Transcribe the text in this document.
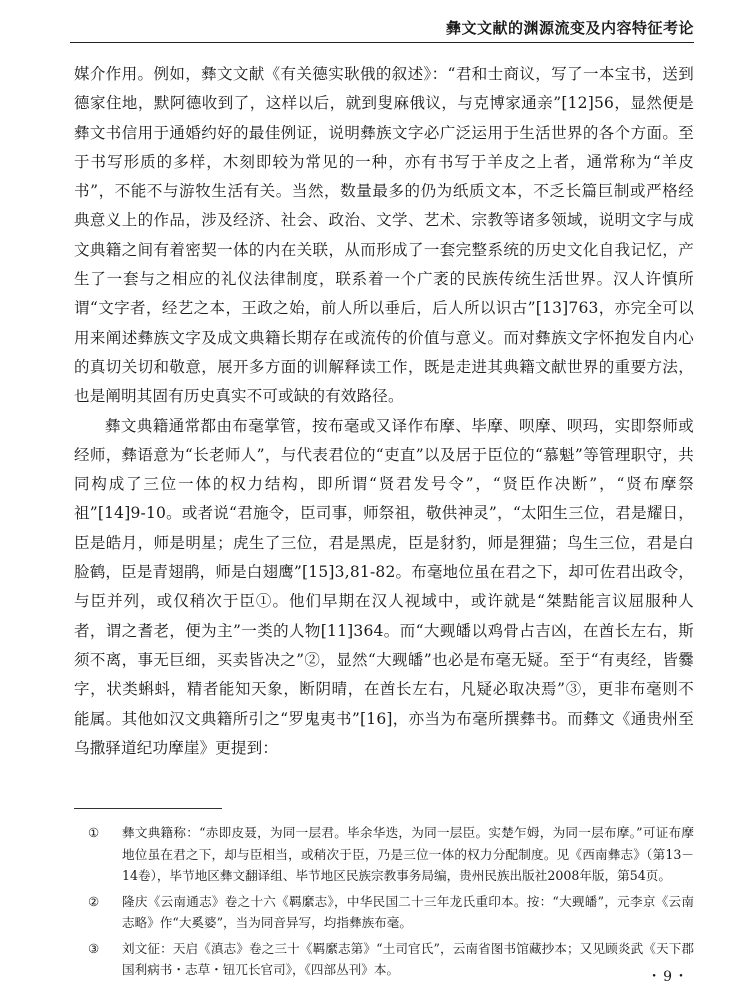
彝文文献的渊源流变及内容特征考论

媒介作用。例如，彝文文献《有关德实耿俄的叙述》：“君和士商议，写了一本宝书，送到德家住地，默阿德收到了，这样以后，就到叟麻俄议，与克博家通亲”[12]56，显然便是彝文书信用于通婚约好的最佳例证，说明彝族文字必广泛运用于生活世界的各个方面。至于书写形质的多样，木刻即较为常见的一种，亦有书写于羊皮之上者，通常称为“羊皮书”，不能不与游牧生活有关。当然，数量最多的仍为纸质文本，不乏长篇巨制或严格经典意义上的作品，涉及经济、社会、政治、文学、艺术、宗教等诸多领域，说明文字与成文典籍之间有着密契一体的内在关联，从而形成了一套完整系统的历史文化自我记忆，产生了一套与之相应的礼仪法律制度，联系着一个广袤的民族传统生活世界。汉人许慎所谓“文字者，经艺之本，王政之始，前人所以垂后，后人所以识古”[13]763，亦完全可以用来阐述彝族文字及成文典籍长期存在或流传的价值与意义。而对彝族文字怀抱发自内心的真切关切和敬意，展开多方面的训解释读工作，既是走进其典籍文献世界的重要方法，也是阐明其固有历史真实不可或缺的有效路径。

彝文典籍通常都由布毫掌管，按布毫或又译作布摩、毕摩、呗摩、呗玛，实即祭师或经师，彝语意为“长老师人”，与代表君位的“吏直”以及居于臣位的“慕魁”等管理职守，共同构成了三位一体的权力结构，即所谓“贤君发号令”，“贤臣作决断”，“贤布摩祭祖”[14]9-10。或者说“君施令，臣司事，师祭祖，敬供神灵”，“太阳生三位，君是耀日，臣是皓月，师是明星；虎生了三位，君是黑虎，臣是豺豹，师是狸猫；鸟生三位，君是白脸鹤，臣是青翅鹃，师是白翅鹰”[15]3,81-82。布毫地位虽在君之下，却可佐君出政令，与臣并列，或仅稍次于臣①。他们早期在汉人视域中，或许就是“桀黠能言议屈服种人者，谓之耆老，便为主”一类的人物[11]364。而“大觋皤以鸡骨占吉凶，在酋长左右，斯须不离，事无巨细，买卖皆决之”②，显然“大觋皤”也必是布毫无疑。至于“有夷经，皆爨字，状类蝌蚪，精者能知天象，断阴晴，在酋长左右，凡疑必取决焉”③，更非布毫则不能属。其他如汉文典籍所引之“罗鬼夷书”[16]，亦当为布毫所撰彝书。而彝文《通贵州至乌撒驿道纪功摩崖》更提到：

①	彝文典籍称：“赤即皮聂，为同一层君。毕余华迭，为同一层臣。实楚乍姆，为同一层布摩。”可证布摩地位虽在君之下，却与臣相当，或稍次于臣，乃是三位一体的权力分配制度。见《西南彝志》（第13－14卷），毕节地区彝文翻译组、毕节地区民族宗教事务局编，贵州民族出版社2008年版，第54页。
②	隆庆《云南通志》卷之十六《羁縻志》，中华民国二十三年龙氏重印本。按：“大觋皤”，元李京《云南志略》作“大奚婆”，当为同音异写，均指彝族布毫。
③	刘文征：天启《滇志》卷之三十《羁縻志第》“土司官氏”，云南省图书馆藏抄本；又见顾炎武《天下郡国利病书・志草・钮兀长官司》，《四部丛刊》本。	・9・
